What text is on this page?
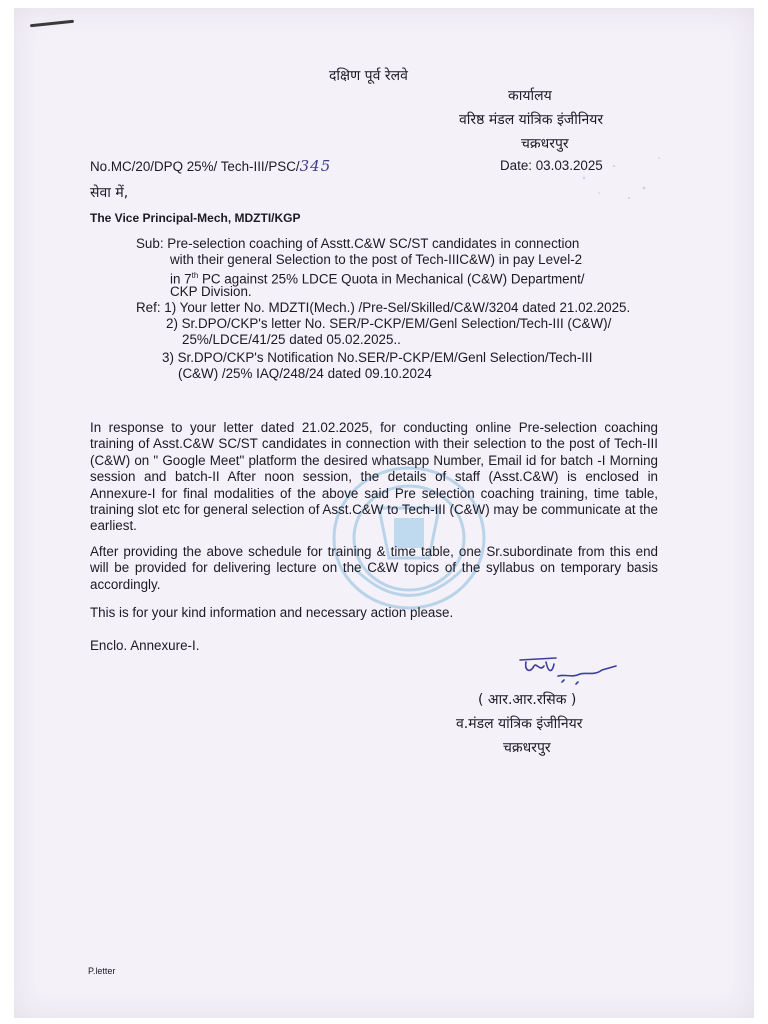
दक्षिण पूर्व रेलवे
कार्यालय
वरिष्ठ मंडल यांत्रिक इंजीनियर
चक्रधरपुर
No.MC/20/DPQ 25%/ Tech-III/PSC/345	Date: 03.03.2025
सेवा में,
The Vice Principal-Mech, MDZTI/KGP
Sub: Pre-selection coaching of Asstt.C&W SC/ST candidates in connection
with their general Selection to the post of Tech-IIIC&W) in pay Level-2
in 7th PC against 25% LDCE Quota in Mechanical (C&W) Department/
CKP Division.
Ref: 1) Your letter No. MDZTI(Mech.) /Pre-Sel/Skilled/C&W/3204 dated 21.02.2025.
2) Sr.DPO/CKP's letter No. SER/P-CKP/EM/Genl Selection/Tech-III (C&W)/
25%/LDCE/41/25 dated 05.02.2025..
3) Sr.DPO/CKP's Notification No.SER/P-CKP/EM/Genl Selection/Tech-III
(C&W) /25% IAQ/248/24 dated 09.10.2024
In response to your letter dated 21.02.2025, for conducting online Pre-selection coaching training of Asst.C&W SC/ST candidates in connection with their selection to the post of Tech-III (C&W) on " Google Meet" platform the desired whatsapp Number, Email id for batch -I Morning session and batch-II After noon session, the details of staff (Asst.C&W) is enclosed in Annexure-I for final modalities of the above said Pre selection coaching training, time table, training slot etc for general selection of Asst.C&W to Tech-III (C&W) may be communicate at the earliest.
After providing the above schedule for training & time table, one Sr.subordinate from this end will be provided for delivering lecture on the C&W topics of the syllabus on temporary basis accordingly.
This is for your kind information and necessary action please.
Enclo. Annexure-I.
( आर.आर.रसिक )
व.मंडल यांत्रिक इंजीनियर
चक्रधरपुर
P.letter
